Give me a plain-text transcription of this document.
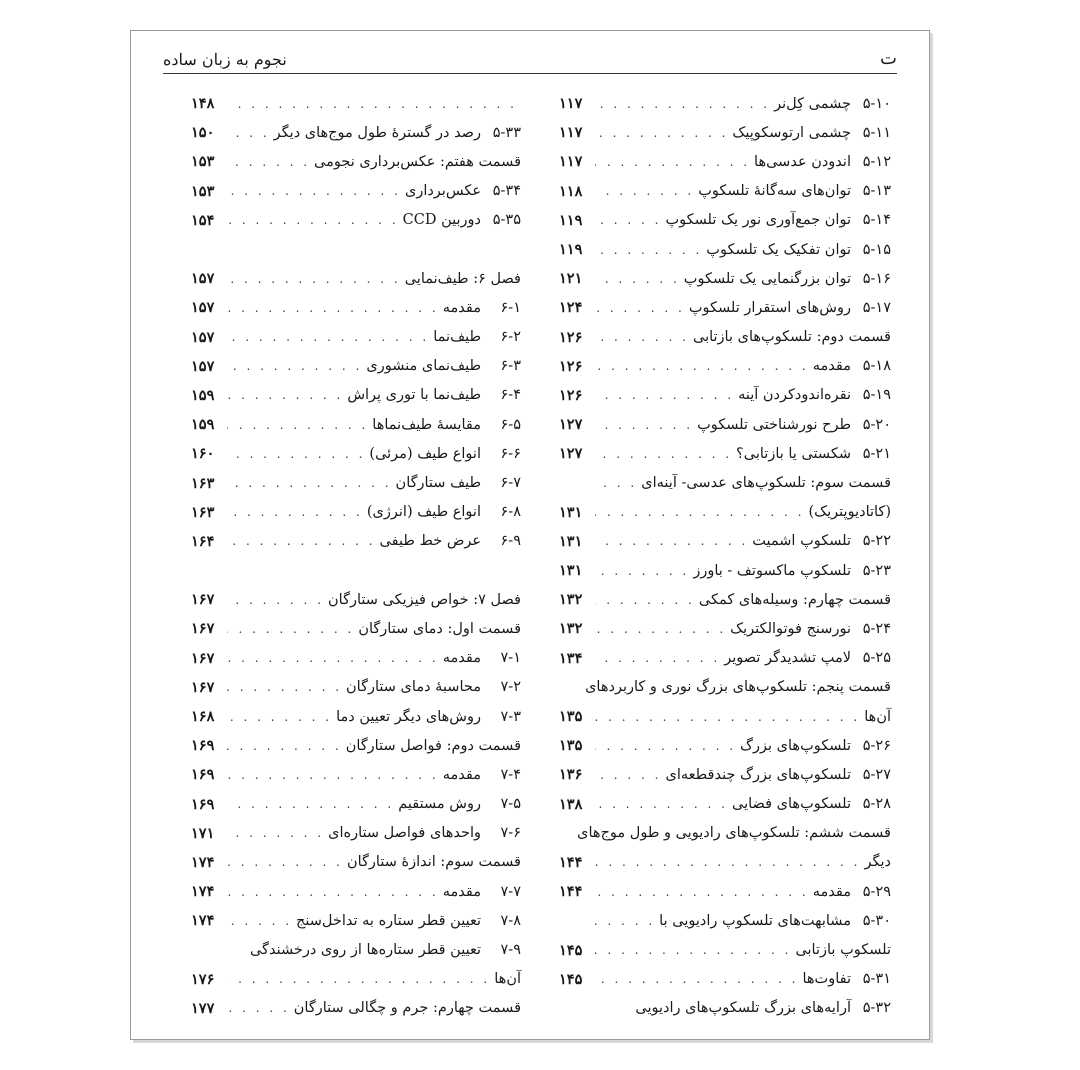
ت
نجوم به زبان ساده
۵-۱۰
چشمی کِل‌نر
. . .
۱۱۷
۵-۱۱
چشمی ارتوسکوپیک
. . .
۱۱۷
۵-۱۲
اندودن عدسی‌ها
. . .
۱۱۷
۵-۱۳
توان‌های سه‌گانهٔ تلسکوپ
. . .
۱۱۸
۵-۱۴
توان جمع‌آوری نور یک تلسکوپ
. . .
۱۱۹
۵-۱۵
توان تفکیک یک تلسکوپ
. . .
۱۱۹
۵-۱۶
توان بزرگنمایی یک تلسکوپ
. . .
۱۲۱
۵-۱۷
روش‌های استقرار تلسکوپ
. . .
۱۲۴
قسمت دوم: تلسکوپ‌های بازتابی
. . .
۱۲۶
۵-۱۸
مقدمه
. . .
۱۲۶
۵-۱۹
نقره‌اندودکردن آینه
. . .
۱۲۶
۵-۲۰
طرح نورشناختی تلسکوپ
. . .
۱۲۷
۵-۲۱
شکستی یا بازتابی؟
. . .
۱۲۷
قسمت سوم: تلسکوپ‌های عدسی- آینه‌ای
. . .
(کاتادیوپتریک)
. . .
۱۳۱
۵-۲۲
تلسکوپ اشمیت
. . .
۱۳۱
۵-۲۳
تلسکوپ ماکسوتف - باورز
. . .
۱۳۱
قسمت چهارم: وسیله‌های کمکی
. . .
۱۳۲
۵-۲۴
نورسنج فوتوالکتریک
. . .
۱۳۲
۵-۲۵
لامپ تشدیدگر تصویر
. . .
۱۳۴
قسمت پنجم: تلسکوپ‌های بزرگ نوری و کاربردهای
آن‌ها
. . .
۱۳۵
۵-۲۶
تلسکوپ‌های بزرگ
. . .
۱۳۵
۵-۲۷
تلسکوپ‌های بزرگ چندقطعه‌ای
. . .
۱۳۶
۵-۲۸
تلسکوپ‌های فضایی
. . .
۱۳۸
قسمت ششم: تلسکوپ‌های رادیویی و طول موج‌های
دیگر
. . .
۱۴۴
۵-۲۹
مقدمه
. . .
۱۴۴
۵-۳۰
مشابهت‌های تلسکوپ رادیویی با
. . .
تلسکوپ بازتابی
. . .
۱۴۵
۵-۳۱
تفاوت‌ها
. . .
۱۴۵
۵-۳۲
آرایه‌های بزرگ تلسکوپ‌های رادیویی
. . .
۱۴۸
۵-۳۳
رصد در گسترهٔ طول موج‌های دیگر
. . .
۱۵۰
قسمت هفتم: عکس‌برداری نجومی
. . .
۱۵۳
۵-۳۴
عکس‌برداری
. . .
۱۵۳
۵-۳۵
دوربین CCD
. . .
۱۵۴
فصل ۶: طیف‌نمایی
. . .
۱۵۷
۶-۱
مقدمه
. . .
۱۵۷
۶-۲
طیف‌نما
. . .
۱۵۷
۶-۳
طیف‌نمای منشوری
. . .
۱۵۷
۶-۴
طیف‌نما با توری پراش
. . .
۱۵۹
۶-۵
مقایسهٔ طیف‌نماها
. . .
۱۵۹
۶-۶
انواع طیف (مرئی)
. . .
۱۶۰
۶-۷
طیف ستارگان
. . .
۱۶۳
۶-۸
انواع طیف (انرژی)
. . .
۱۶۳
۶-۹
عرض خط طیفی
. . .
۱۶۴
فصل ۷: خواص فیزیکی ستارگان
. . .
۱۶۷
قسمت اول: دمای ستارگان
. . .
۱۶۷
۷-۱
مقدمه
. . .
۱۶۷
۷-۲
محاسبهٔ دمای ستارگان
. . .
۱۶۷
۷-۳
روش‌های دیگر تعیین دما
. . .
۱۶۸
قسمت دوم: فواصل ستارگان
. . .
۱۶۹
۷-۴
مقدمه
. . .
۱۶۹
۷-۵
روش مستقیم
. . .
۱۶۹
۷-۶
واحدهای فواصل ستاره‌ای
. . .
۱۷۱
قسمت سوم: اندازهٔ ستارگان
. . .
۱۷۴
۷-۷
مقدمه
. . .
۱۷۴
۷-۸
تعیین قطر ستاره به تداخل‌سنج
. . .
۱۷۴
۷-۹
تعیین قطر ستاره‌ها از روی درخشندگی
آن‌ها
. . .
۱۷۶
قسمت چهارم: جرم و چگالی ستارگان
. . .
۱۷۷
